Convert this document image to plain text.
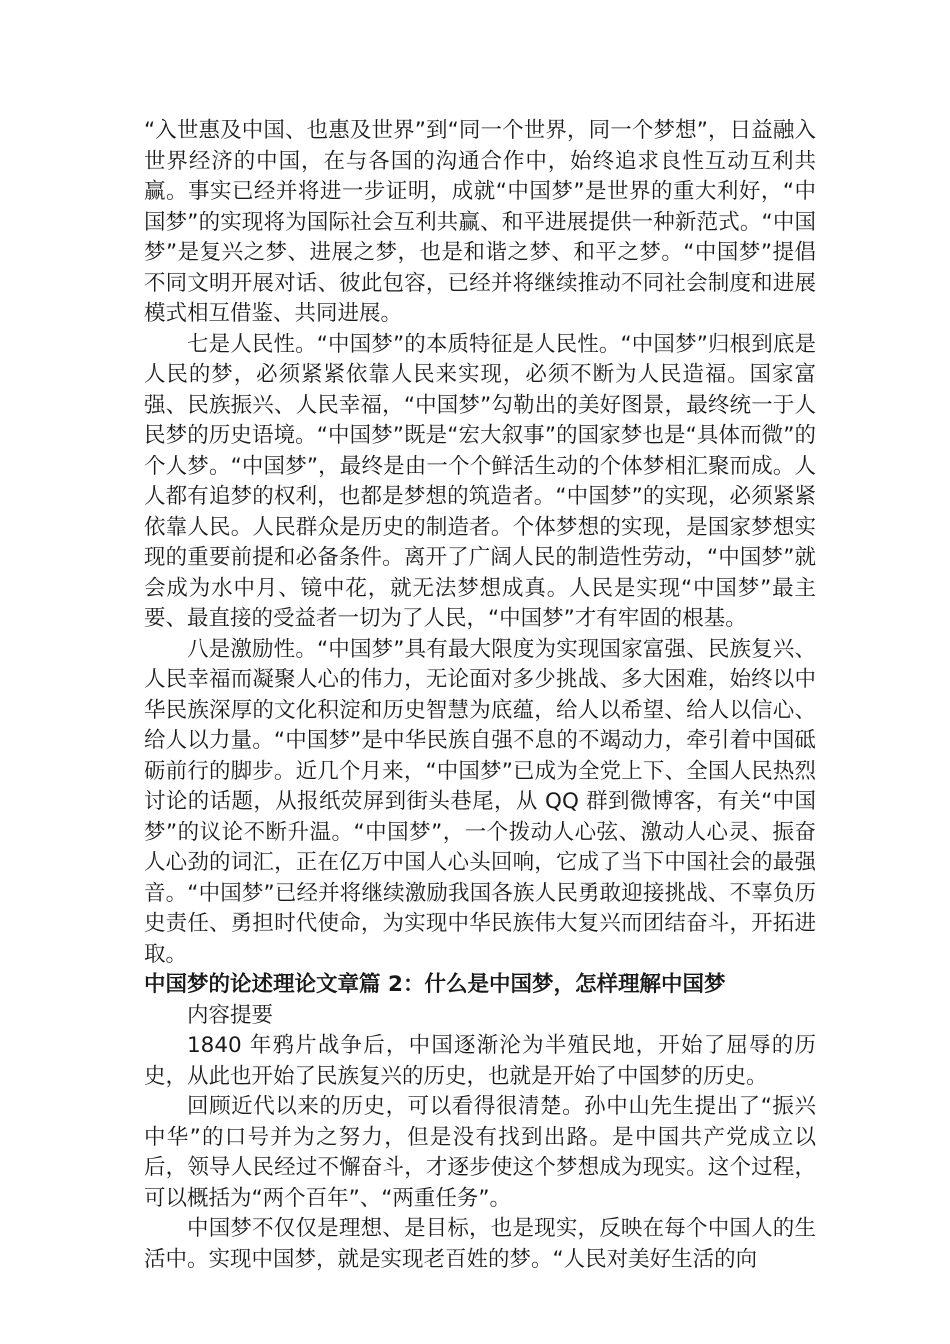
“入世惠及中国、也惠及世界”到“同一个世界，同一个梦想”，日益融入世界经济的中国，在与各国的沟通合作中，始终追求良性互动互利共赢。事实已经并将进一步证明，成就“中国梦”是世界的重大利好，“中国梦”的实现将为国际社会互利共赢、和平进展提供一种新范式。“中国梦”是复兴之梦、进展之梦，也是和谐之梦、和平之梦。“中国梦”提倡不同文明开展对话、彼此包容，已经并将继续推动不同社会制度和进展模式相互借鉴、共同进展。

七是人民性。“中国梦”的本质特征是人民性。“中国梦”归根到底是人民的梦，必须紧紧依靠人民来实现，必须不断为人民造福。国家富强、民族振兴、人民幸福，“中国梦”勾勒出的美好图景，最终统一于人民梦的历史语境。“中国梦”既是“宏大叙事”的国家梦也是“具体而微”的个人梦。“中国梦”，最终是由一个个鲜活生动的个体梦相汇聚而成。人人都有追梦的权利，也都是梦想的筑造者。“中国梦”的实现，必须紧紧依靠人民。人民群众是历史的制造者。个体梦想的实现，是国家梦想实现的重要前提和必备条件。离开了广阔人民的制造性劳动，“中国梦”就会成为水中月、镜中花，就无法梦想成真。人民是实现“中国梦”最主要、最直接的受益者一切为了人民，“中国梦”才有牢固的根基。

八是激励性。“中国梦”具有最大限度为实现国家富强、民族复兴、人民幸福而凝聚人心的伟力，无论面对多少挑战、多大困难，始终以中华民族深厚的文化积淀和历史智慧为底蕴，给人以希望、给人以信心、给人以力量。“中国梦”是中华民族自强不息的不竭动力，牵引着中国砥砺前行的脚步。近几个月来，“中国梦”已成为全党上下、全国人民热烈讨论的话题，从报纸荧屏到街头巷尾，从 QQ 群到微博客，有关“中国梦”的议论不断升温。“中国梦”，一个拨动人心弦、激动人心灵、振奋人心劲的词汇，正在亿万中国人心头回响，它成了当下中国社会的最强音。“中国梦”已经并将继续激励我国各族人民勇敢迎接挑战、不辜负历史责任、勇担时代使命，为实现中华民族伟大复兴而团结奋斗，开拓进取。

中国梦的论述理论文章篇 2：什么是中国梦，怎样理解中国梦

内容提要

1840 年鸦片战争后，中国逐渐沦为半殖民地，开始了屈辱的历史，从此也开始了民族复兴的历史，也就是开始了中国梦的历史。

回顾近代以来的历史，可以看得很清楚。孙中山先生提出了“振兴中华”的口号并为之努力，但是没有找到出路。是中国共产党成立以后，领导人民经过不懈奋斗，才逐步使这个梦想成为现实。这个过程，可以概括为“两个百年”、“两重任务”。

中国梦不仅仅是理想、是目标，也是现实，反映在每个中国人的生活中。实现中国梦，就是实现老百姓的梦。“人民对美好生活的向
